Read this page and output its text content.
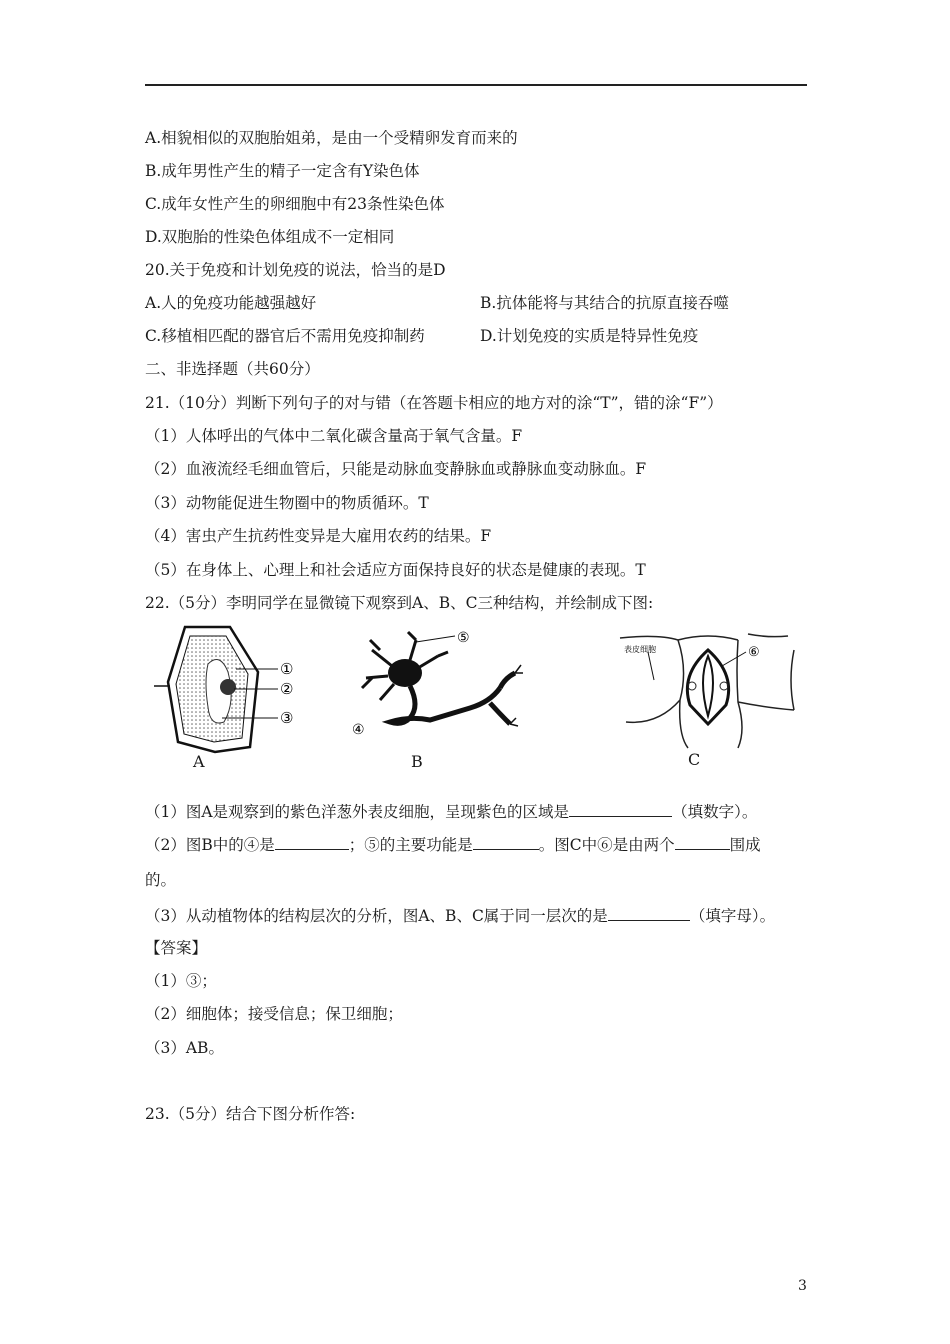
A.相貌相似的双胞胎姐弟，是由一个受精卵发育而来的
B.成年男性产生的精子一定含有Y染色体
C.成年女性产生的卵细胞中有23条性染色体
D.双胞胎的性染色体组成不一定相同
20.关于免疫和计划免疫的说法，恰当的是D
A.人的免疫功能越强越好	B.抗体能将与其结合的抗原直接吞噬
C.移植相匹配的器官后不需用免疫抑制药	D.计划免疫的实质是特异性免疫
二、非选择题（共60分）
21.（10分）判断下列句子的对与错（在答题卡相应的地方对的涂“T”，错的涂“F”）
（1）人体呼出的气体中二氧化碳含量高于氧气含量。F
（2）血液流经毛细血管后，只能是动脉血变静脉血或静脉血变动脉血。F
（3）动物能促进生物圈中的物质循环。T
（4）害虫产生抗药性变异是大雇用农药的结果。F
（5）在身体上、心理上和社会适应方面保持良好的状态是健康的表现。T
22.（5分）李明同学在显微镜下观察到A、B、C三种结构，并绘制成下图:
①
②
③
A
⑤
④
B
表皮细胞	⑥
C
（1）图A是观察到的紫色洋葱外表皮细胞，呈现紫色的区域是	（填数字）。
（2）图B中的④是	；⑤的主要功能是	。图C中⑥是由两个	围成
的。
（3）从动植物体的结构层次的分析，图A、B、C属于同一层次的是	（填字母）。
【答案】
（1）③；
（2）细胞体；接受信息；保卫细胞；
（3）AB。
23.（5分）结合下图分析作答:
3
